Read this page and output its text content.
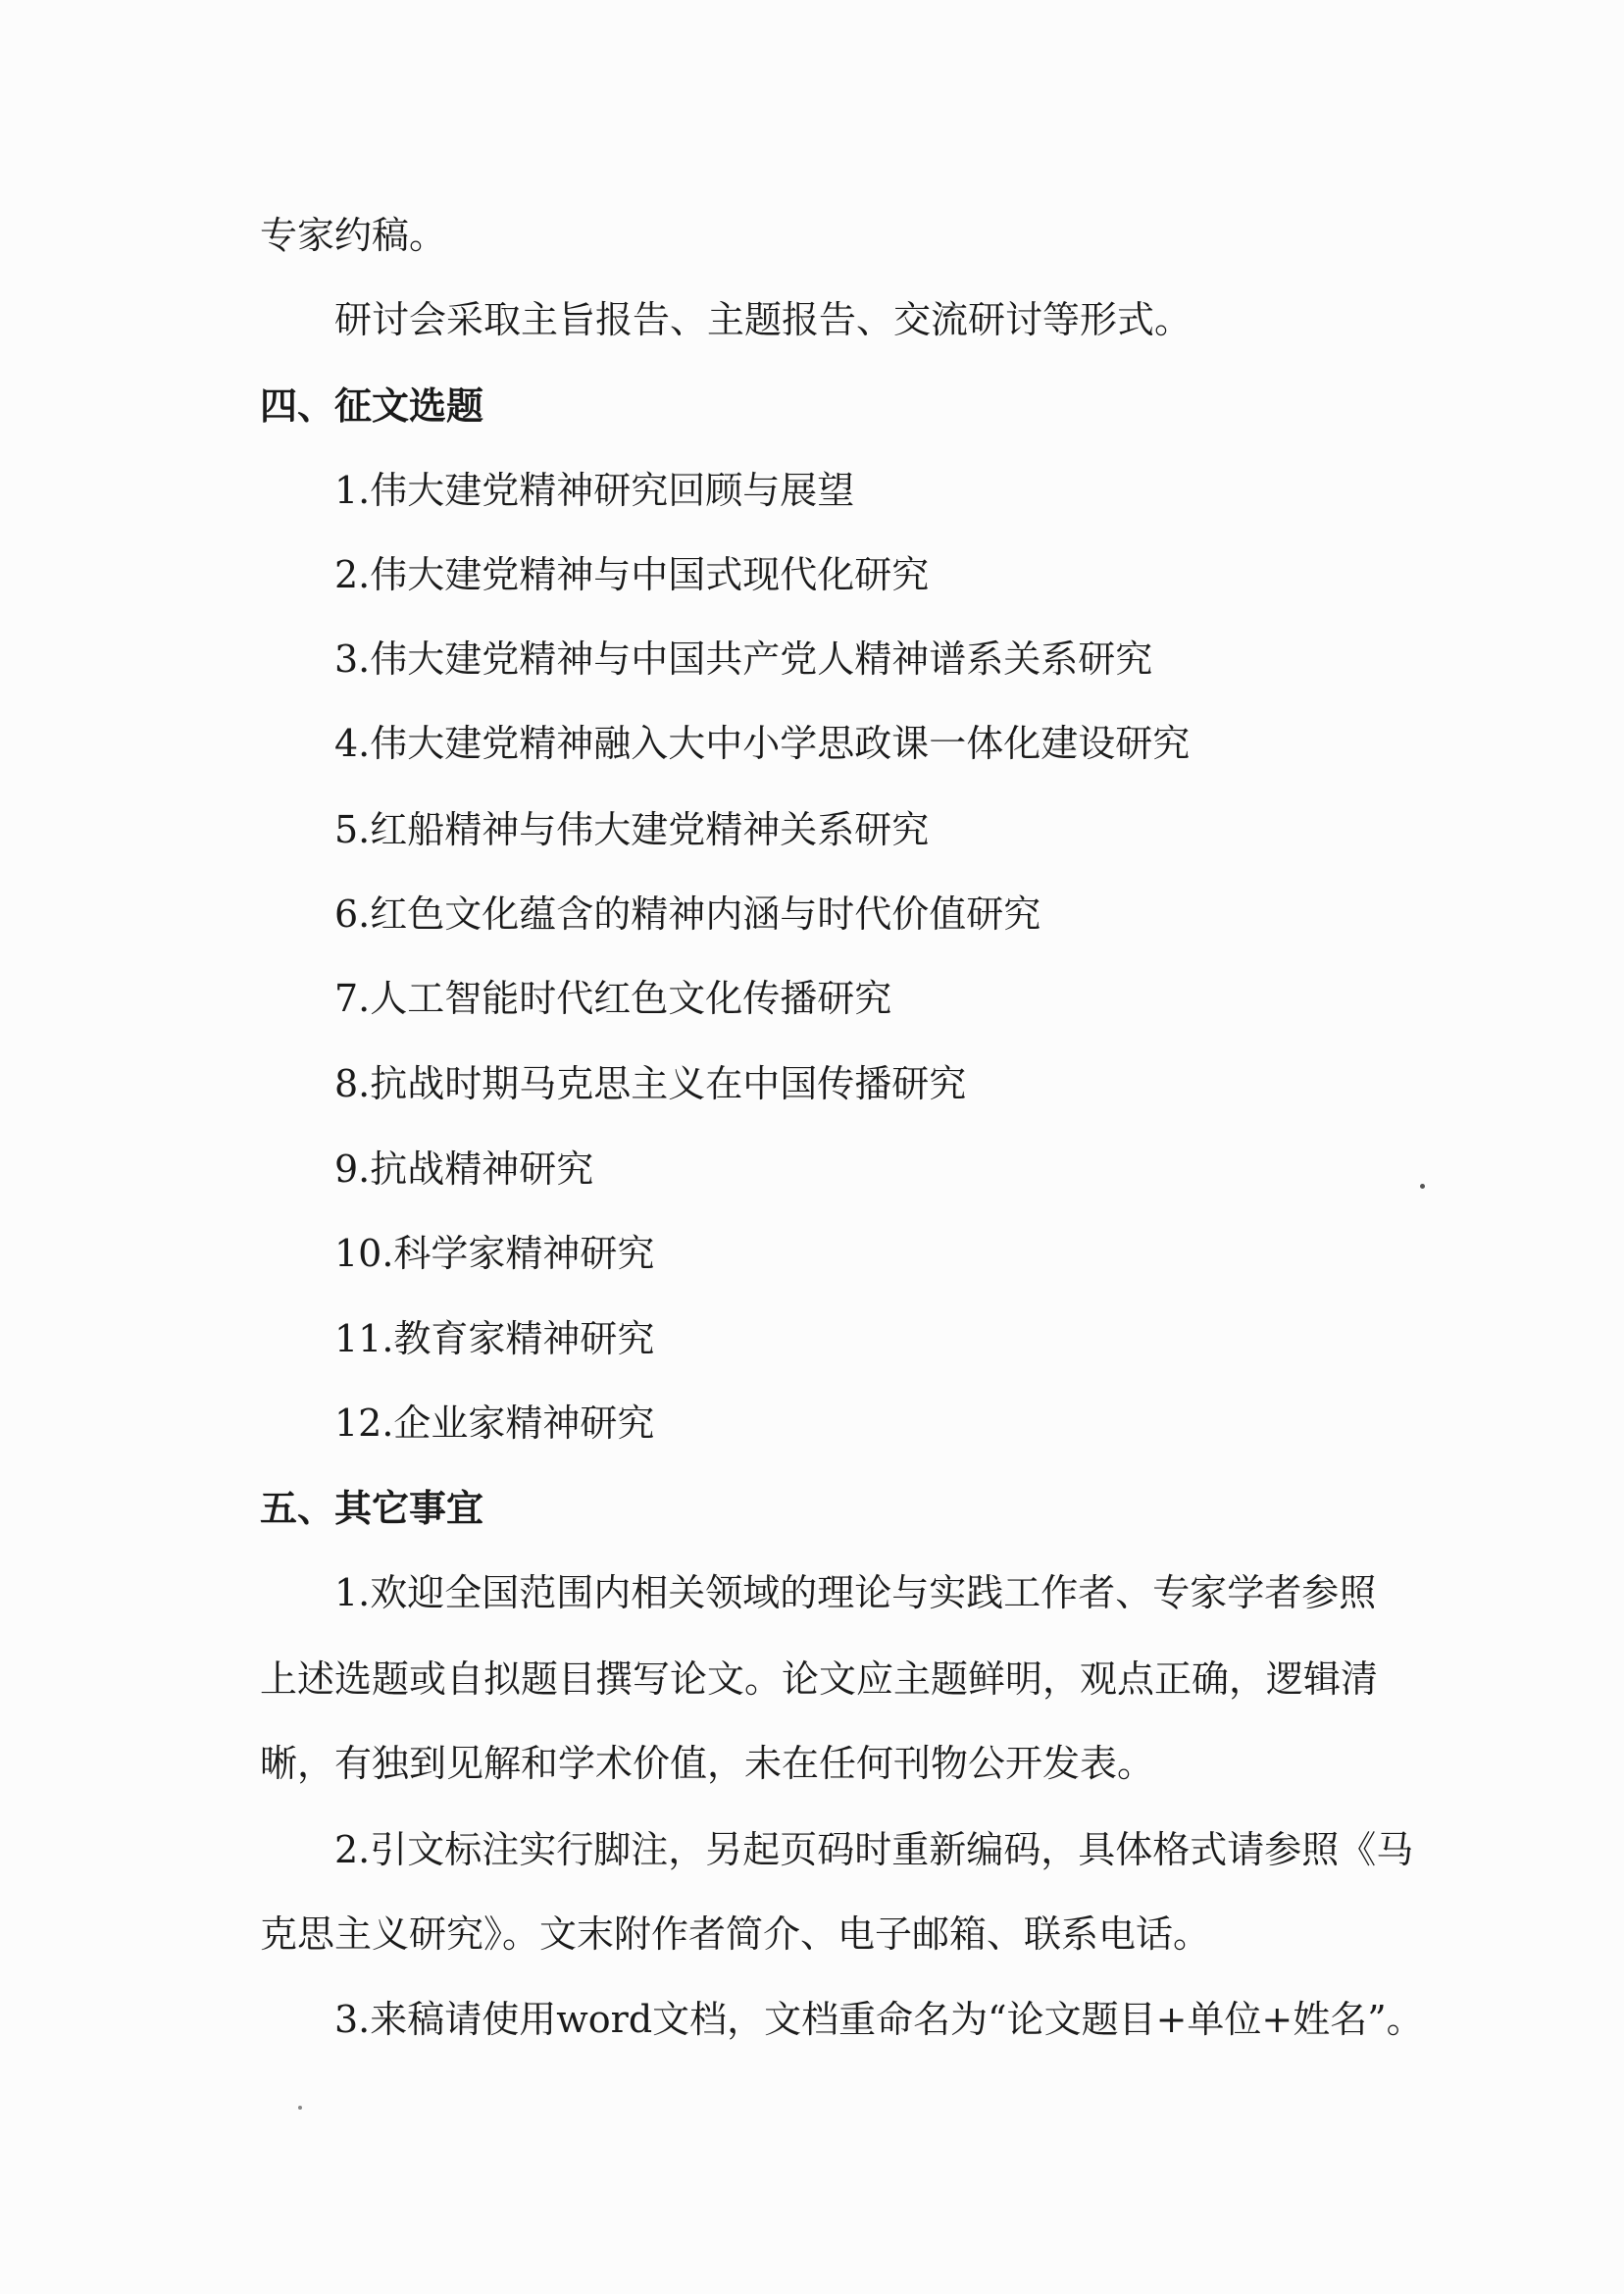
专家约稿。
研讨会采取主旨报告、主题报告、交流研讨等形式。
四、征文选题
1.伟大建党精神研究回顾与展望
2.伟大建党精神与中国式现代化研究
3.伟大建党精神与中国共产党人精神谱系关系研究
4.伟大建党精神融入大中小学思政课一体化建设研究
5.红船精神与伟大建党精神关系研究
6.红色文化蕴含的精神内涵与时代价值研究
7.人工智能时代红色文化传播研究
8.抗战时期马克思主义在中国传播研究
9.抗战精神研究
10.科学家精神研究
11.教育家精神研究
12.企业家精神研究
五、其它事宜
1.欢迎全国范围内相关领域的理论与实践工作者、专家学者参照
上述选题或自拟题目撰写论文。论文应主题鲜明，观点正确，逻辑清
晰，有独到见解和学术价值，未在任何刊物公开发表。
2.引文标注实行脚注，另起页码时重新编码，具体格式请参照《马
克思主义研究》。文末附作者简介、电子邮箱、联系电话。
3.来稿请使用word文档，文档重命名为“论文题目+单位+姓名”。
